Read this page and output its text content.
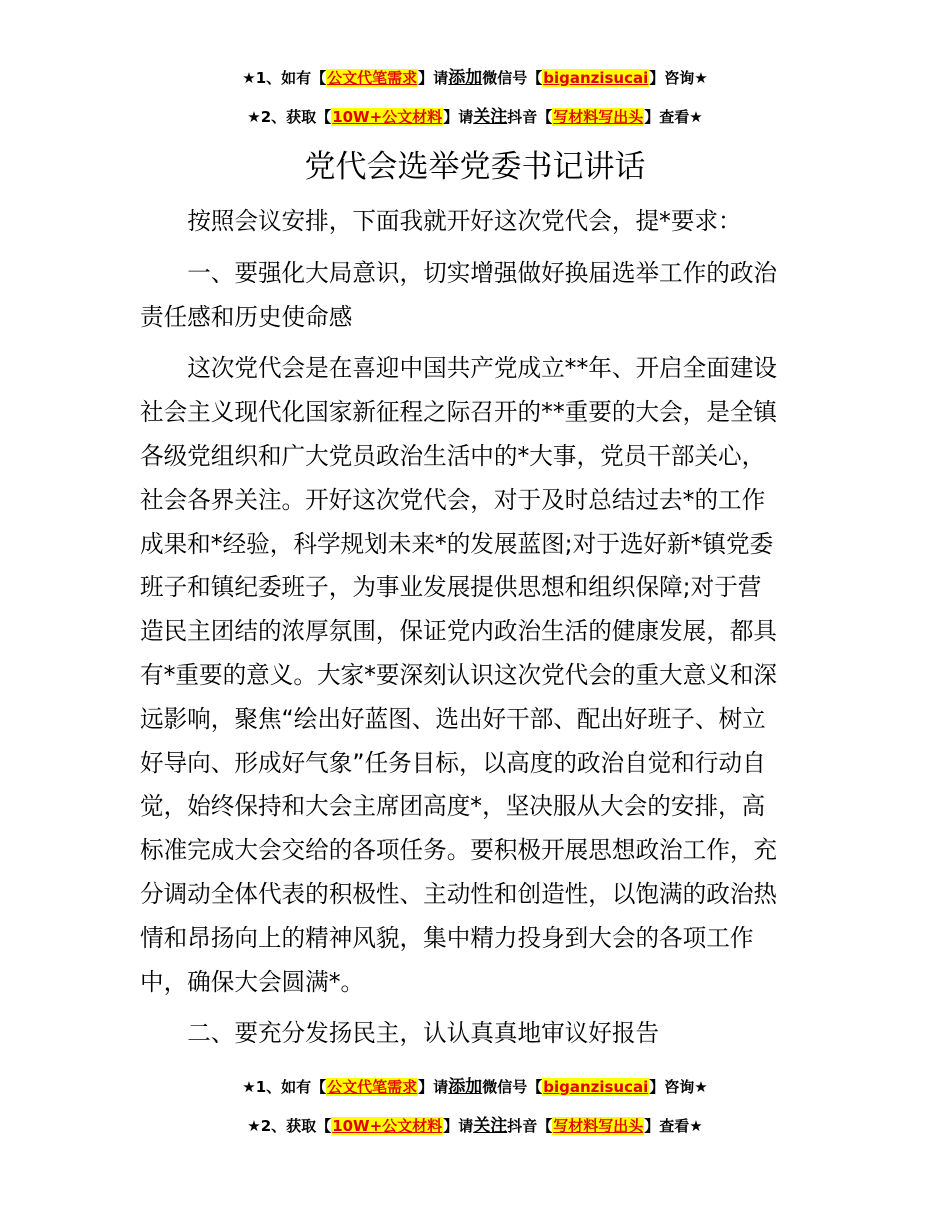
★1、如有【公文代笔需求】请添加微信号【biganzisucai】咨询★
★2、获取【10W+公文材料】请关注抖音【写材料写出头】查看★
党代会选举党委书记讲话

按照会议安排，下面我就开好这次党代会，提*要求：

一、要强化大局意识，切实增强做好换届选举工作的政治
责任感和历史使命感

这次党代会是在喜迎中国共产党成立**年、开启全面建设
社会主义现代化国家新征程之际召开的**重要的大会，是全镇
各级党组织和广大党员政治生活中的*大事，党员干部关心，
社会各界关注。开好这次党代会，对于及时总结过去*的工作
成果和*经验，科学规划未来*的发展蓝图;对于选好新*镇党委
班子和镇纪委班子，为事业发展提供思想和组织保障;对于营
造民主团结的浓厚氛围，保证党内政治生活的健康发展，都具
有*重要的意义。大家*要深刻认识这次党代会的重大意义和深
远影响，聚焦“绘出好蓝图、选出好干部、配出好班子、树立
好导向、形成好气象”任务目标，以高度的政治自觉和行动自
觉，始终保持和大会主席团高度*，坚决服从大会的安排，高
标准完成大会交给的各项任务。要积极开展思想政治工作，充
分调动全体代表的积极性、主动性和创造性，以饱满的政治热
情和昂扬向上的精神风貌，集中精力投身到大会的各项工作
中，确保大会圆满*。

二、要充分发扬民主，认认真真地审议好报告

★1、如有【公文代笔需求】请添加微信号【biganzisucai】咨询★
★2、获取【10W+公文材料】请关注抖音【写材料写出头】查看★
